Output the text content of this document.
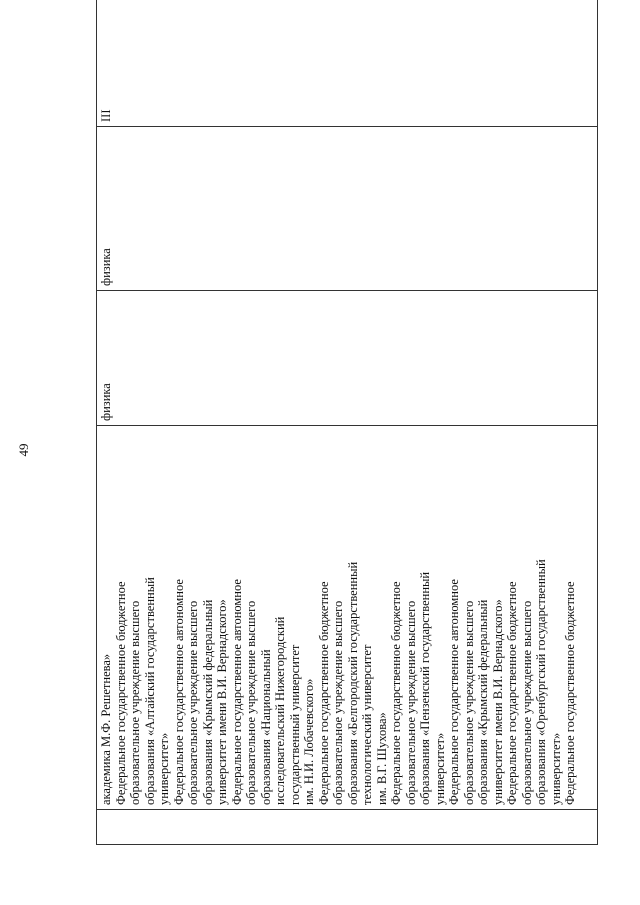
49

академика М.Ф. Решетнева» Федеральное государственное бюджетное образовательное учреждение высшего образования «Алтайский государственный университет» Федеральное государственное автономное образовательное учреждение высшего образования «Крымский федеральный университет имени В.И. Вернадского» Федеральное государственное автономное образовательное учреждение высшего образования «Национальный исследовательский Нижегородский государственный университет им. Н.И. Лобачевского» Федеральное государственное бюджетное образовательное учреждение высшего образования «Белгородский государственный технологический университет им. В.Г. Шухова» Федеральное государственное бюджетное образовательное учреждение высшего образования «Пензенский государственный университет» Федеральное государственное автономное образовательное учреждение высшего образования «Крымский федеральный университет имени В.И. Вернадского» Федеральное государственное бюджетное образовательное учреждение высшего образования «Оренбургский государственный университет» Федеральное государственное бюджетное
	физика	физика	III
